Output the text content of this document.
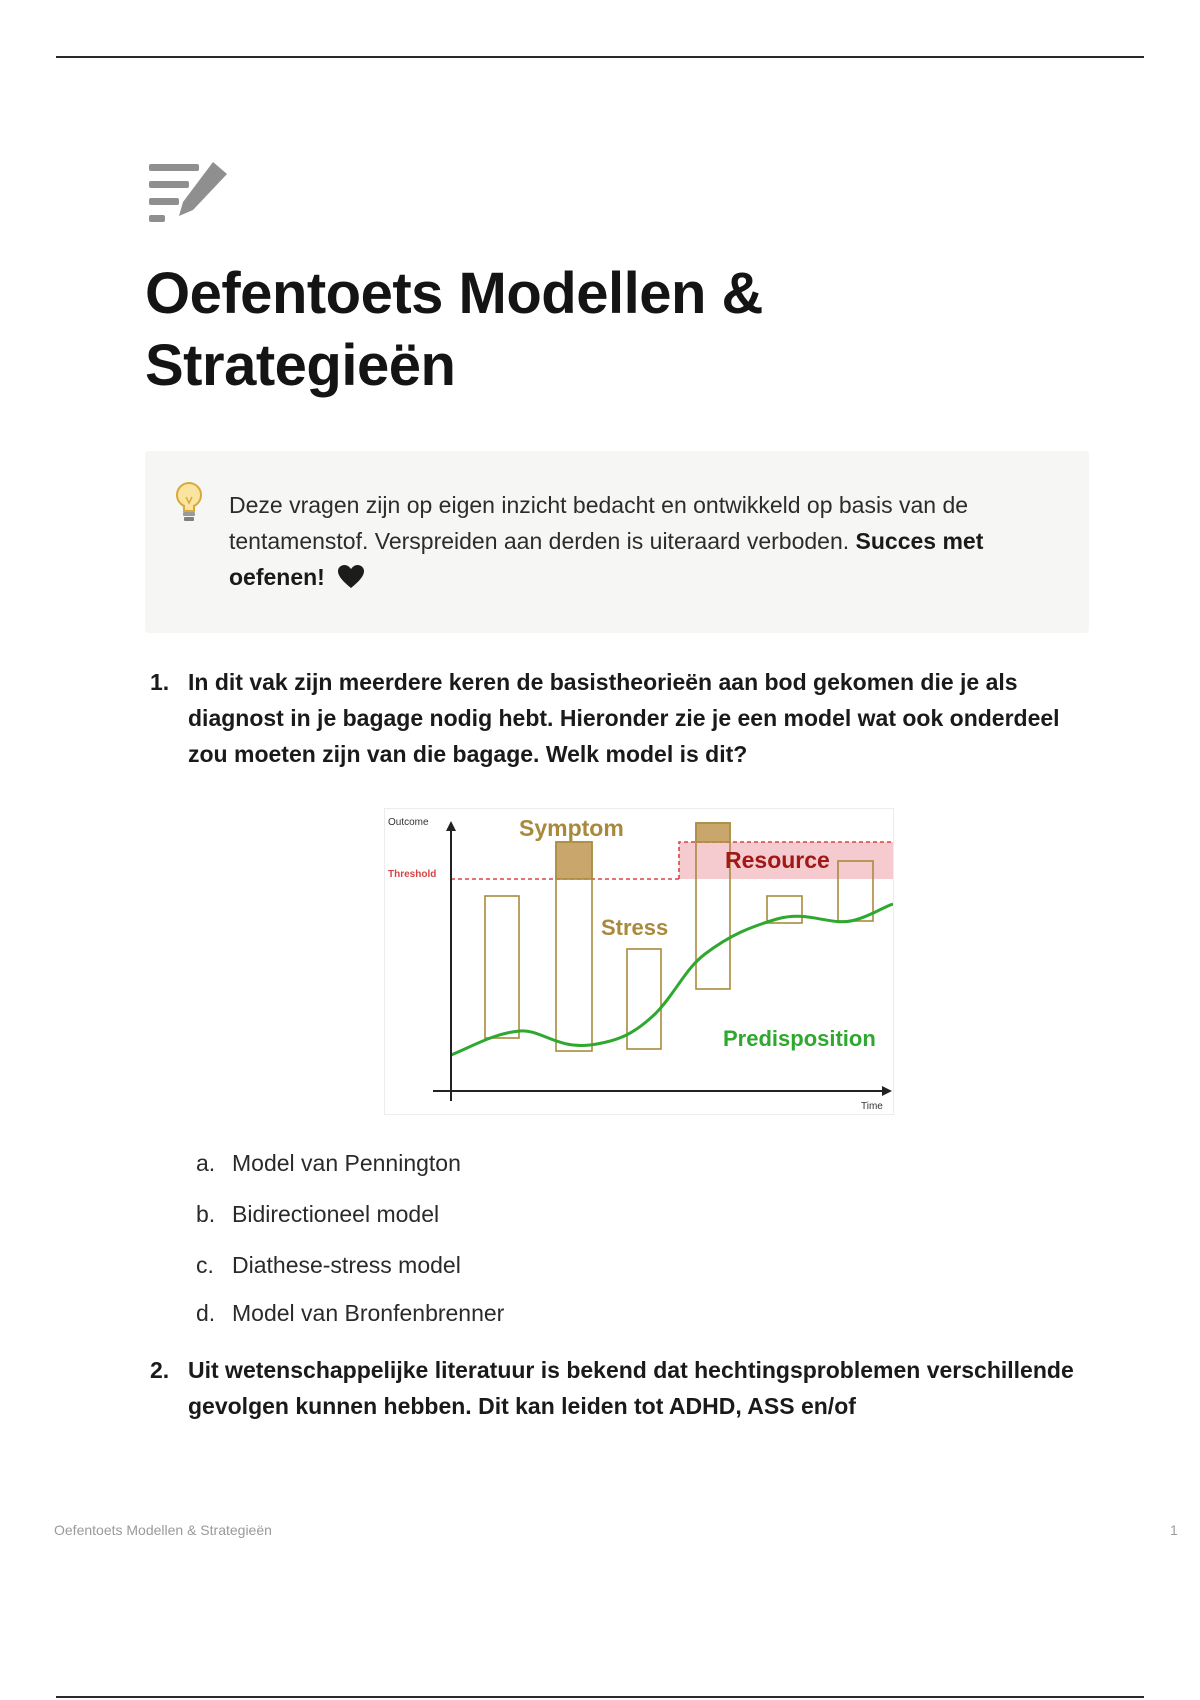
Oefentoets Modellen & Strategieën
Deze vragen zijn op eigen inzicht bedacht en ontwikkeld op basis van de tentamenstof. Verspreiden aan derden is uiteraard verboden. Succes met oefenen!
1. In dit vak zijn meerdere keren de basistheorieën aan bod gekomen die je als diagnost in je bagage nodig hebt. Hieronder zie je een model wat ook onderdeel zou moeten zijn van die bagage. Welk model is dit?
Outcome
Threshold
Symptom
Resource
Stress
Predisposition
Time
a. Model van Pennington
b. Bidirectioneel model
c. Diathese-stress model
d. Model van Bronfenbrenner
2. Uit wetenschappelijke literatuur is bekend dat hechtingsproblemen verschillende gevolgen kunnen hebben. Dit kan leiden tot ADHD, ASS en/of
Oefentoets Modellen & Strategieën	1
